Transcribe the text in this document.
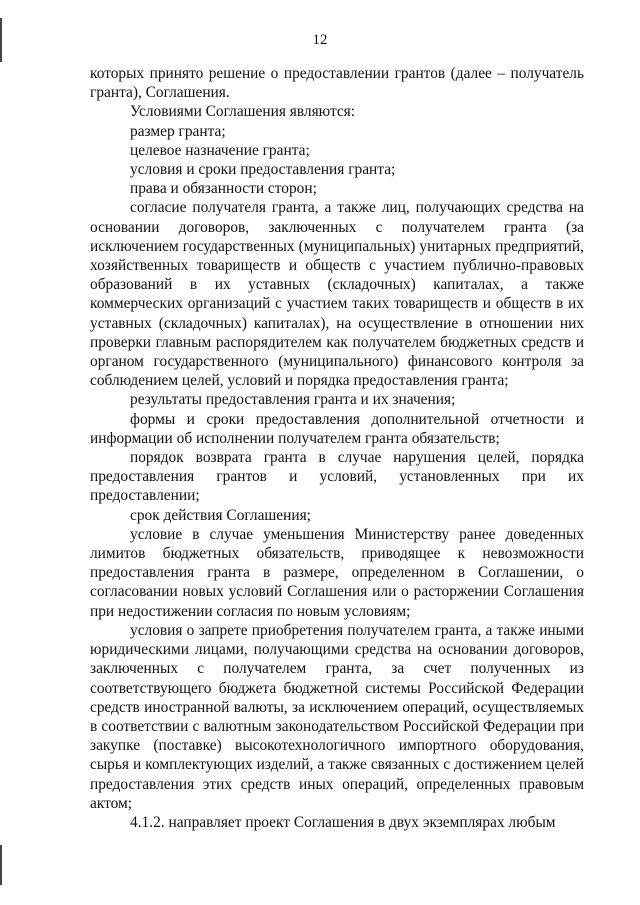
12

которых принято решение о предоставлении грантов (далее – получатель гранта), Соглашения.

Условиями Соглашения являются:

размер гранта;

целевое назначение гранта;

условия и сроки предоставления гранта;

права и обязанности сторон;

согласие получателя гранта, а также лиц, получающих средства на основании договоров, заключенных с получателем гранта (за исключением государственных (муниципальных) унитарных предприятий, хозяйственных товариществ и обществ с участием публично-правовых образований в их уставных (складочных) капиталах, а также коммерческих организаций с участием таких товариществ и обществ в их уставных (складочных) капиталах), на осуществление в отношении них проверки главным распорядителем как получателем бюджетных средств и органом государственного (муниципального) финансового контроля за соблюдением целей, условий и порядка предоставления гранта;

результаты предоставления гранта и их значения;

формы и сроки предоставления дополнительной отчетности и информации об исполнении получателем гранта обязательств;

порядок возврата гранта в случае нарушения целей, порядка предоставления грантов и условий, установленных при их предоставлении;

срок действия Соглашения;

условие в случае уменьшения Министерству ранее доведенных лимитов бюджетных обязательств, приводящее к невозможности предоставления гранта в размере, определенном в Соглашении, о согласовании новых условий Соглашения или о расторжении Соглашения при недостижении согласия по новым условиям;

условия о запрете приобретения получателем гранта, а также иными юридическими лицами, получающими средства на основании договоров, заключенных с получателем гранта, за счет полученных из соответствующего бюджета бюджетной системы Российской Федерации средств иностранной валюты, за исключением операций, осуществляемых в соответствии с валютным законодательством Российской Федерации при закупке (поставке) высокотехнологичного импортного оборудования, сырья и комплектующих изделий, а также связанных с достижением целей предоставления этих средств иных операций, определенных правовым актом;

4.1.2. направляет проект Соглашения в двух экземплярах любым
